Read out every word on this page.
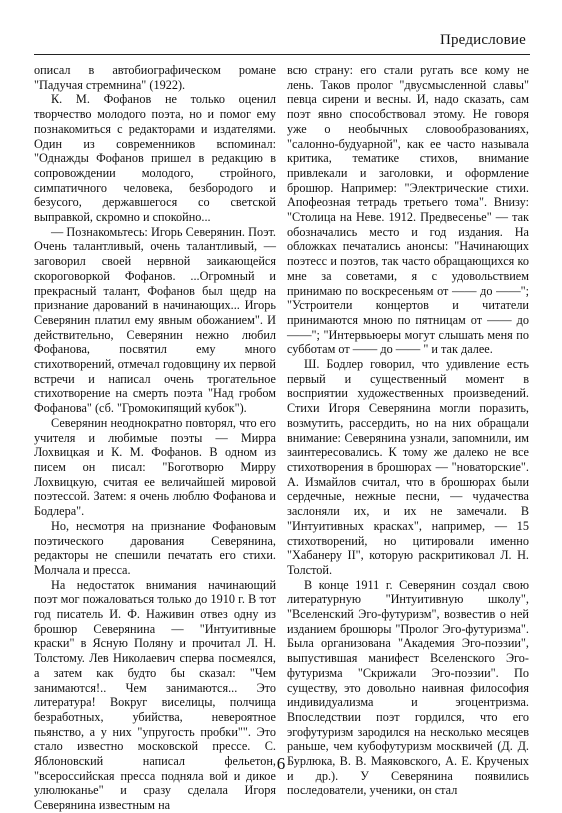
Предисловие

описал в автобиографическом романе "Падучая стремнина" (1922).

К. М. Фофанов не только оценил творчество молодого поэта, но и помог ему познакомиться с редакторами и издателями. Один из современников вспоминал: "Однажды Фофанов пришел в редакцию в сопровождении молодого, стройного, симпатичного человека, безбородого и безусого, державшегося со светской выправкой, скромно и спокойно...

— Познакомьтесь: Игорь Северянин. Поэт. Очень талантливый, очень талантливый, — заговорил своей нервной заикающейся скороговоркой Фофанов. ...Огромный и прекрасный талант, Фофанов был щедр на признание дарований в начинающих... Игорь Северянин платил ему явным обожанием". И действительно, Северянин нежно любил Фофанова, посвятил ему много стихотворений, отмечал годовщину их первой встречи и написал очень трогательное стихотворение на смерть поэта "Над гробом Фофанова" (сб. "Громокипящий кубок").

Северянин неоднократно повторял, что его учителя и любимые поэты — Мирра Лохвицкая и К. М. Фофанов. В одном из писем он писал: "Боготворю Мирру Лохвицкую, считая ее величайшей мировой поэтессой. Затем: я очень люблю Фофанова и Бодлера".

Но, несмотря на признание Фофановым поэтического дарования Северянина, редакторы не спешили печатать его стихи. Молчала и пресса.

На недостаток внимания начинающий поэт мог пожаловаться только до 1910 г. В тот год писатель И. Ф. Наживин отвез одну из брошюр Северянина — "Интуитивные краски" в Ясную Поляну и прочитал Л. Н. Толстому. Лев Николаевич сперва посмеялся, а затем как будто бы сказал: "Чем занимаются!.. Чем занимаются... Это литература! Вокруг виселицы, полчища безработных, убийства, невероятное пьянство, а у них "упругость пробки"". Это стало известно московской прессе. С. Яблоновский написал фельетон, "всероссийская пресса подняла вой и дикое улюлюканье" и сразу сделала Игоря Северянина известным на

всю страну: его стали ругать все кому не лень. Таков пролог "двусмысленной славы" певца сирени и весны. И, надо сказать, сам поэт явно способствовал этому. Не говоря уже о необычных словообразованиях, "салонно-будуарной", как ее часто называла критика, тематике стихов, внимание привлекали и заголовки, и оформление брошюр. Например: "Электрические стихи. Апофеозная тетрадь третьего тома". Внизу: "Столица на Неве. 1912. Предвесенье" — так обозначались место и год издания. На обложках печатались анонсы: "Начинающих поэтесс и поэтов, так часто обращающихся ко мне за советами, я с удовольствием принимаю по воскресеньям от —— до ——"; "Устроители концертов и читатели принимаются мною по пятницам от —— до ——"; "Интервьюеры могут слышать меня по субботам от —— до —— " и так далее.

Ш. Бодлер говорил, что удивление есть первый и существенный момент в восприятии художественных произведений. Стихи Игоря Северянина могли поразить, возмутить, рассердить, но на них обращали внимание: Северянина узнали, запомнили, им заинтересовались. К тому же далеко не все стихотворения в брошюрах — "новаторские". А. Измайлов считал, что в брошюрах были сердечные, нежные песни, — чудачества заслоняли их, и их не замечали. В "Интуитивных красках", например, — 15 стихотворений, но цитировали именно "Хабанеру II", которую раскритиковал Л. Н. Толстой.

В конце 1911 г. Северянин создал свою литературную "Интуитивную школу", "Вселенский Эго-футуризм", возвестив о ней изданием брошюры "Пролог Эго-футуризма". Была организована "Академия Эго-поэзии", выпустившая манифест Вселенского Эго-футуризма "Скрижали Эго-поэзии". По существу, это довольно наивная философия индивидуализма и эгоцентризма. Впоследствии поэт гордился, что его эгофутуризм зародился на несколько месяцев раньше, чем кубофутуризм москвичей (Д. Д. Бурлюка, В. В. Маяковского, А. Е. Крученых и др.). У Северянина появились последователи, ученики, он стал

6
